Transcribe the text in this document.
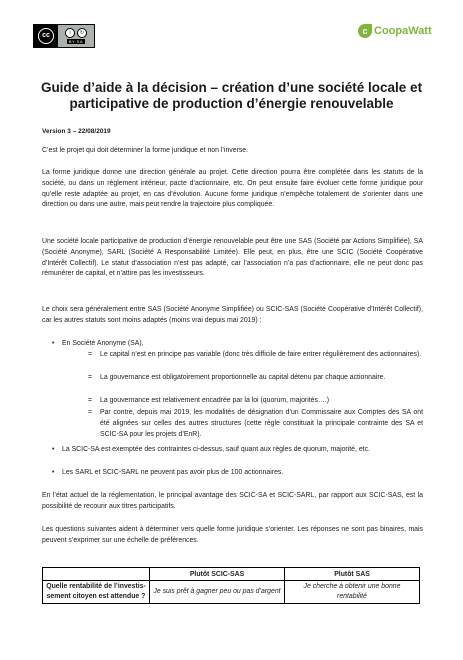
cc	i	↻
BY SA
c CoopaWatt
Guide d’aide à la décision – création d’une société locale et participative de production d’énergie renouvelable
Version 3 – 22/08/2019
C’est le projet qui doit déterminer la forme juridique et non l’inverse.
La forme juridique donne une direction générale au projet. Cette direction pourra être complétée dans les statuts de la société, ou dans un règlement intérieur, pacte d’actionnaire, etc. On peut ensuite faire évoluer cette forme juridique pour qu’elle reste adaptée au projet, en cas d’évolution. Aucune forme juridique n’empêche totalement de s’orienter dans une direction ou dans une autre, mais peut rendre la trajectoire plus compliquée.
Une société locale participative de production d’énergie renouvelable peut être une SAS (Société par Actions Simplifiée), SA (Société Anonyme), SARL (Société A Responsabilité Limitée). Elle peut, en plus, être une SCIC (Société Coopérative d’Intérêt Collectif). Le statut d’association n’est pas adapté, car l’association n’a pas d’actionnaire, elle ne peut donc pas rémunérer de capital, et n’attire pas les investisseurs.
Le choix sera généralement entre SAS (Société Anonyme Simplifiée) ou SCIC-SAS (Société Coopérative d’Intérêt Collectif), car les autres statuts sont moins adaptés (moins vrai depuis mai 2019) :
• En Société Anonyme (SA),
= Le capital n’est en principe pas variable (donc très difficile de faire entrer régulièrement des actionnaires).
= La gouvernance est obligatoirement proportionnelle au capital détenu par chaque actionnaire.
= La gouvernance est relativement encadrée par la loi (quorum, majorités….)
= Par contre, depuis mai 2019, les modalités de désignation d’un Commissaire aux Comptes des SA ont été alignées sur celles des autres structures (cette règle constituait la principale contrainte des SA et SCIC-SA pour les projets d’EnR).
• La SCIC-SA est exemptée des contraintes ci-dessus, sauf quant aux règles de quorum, majorité, etc.
• Les SARL et SCIC-SARL ne peuvent pas avoir plus de 100 actionnaires.
En l’état actuel de la réglementation, le principal avantage des SCIC-SA et SCIC-SARL, par rapport aux SCIC-SAS, est la possibilité de recourir aux titres participatifs.
Les questions suivantes aident à déterminer vers quelle forme juridique s’orienter. Les réponses ne sont pas binaires, mais peuvent s’exprimer sur une échelle de préférences.
	Plutôt SCIC-SAS	Plutôt SAS
Quelle rentabilité de l’investis-sement citoyen est attendue ?	Je suis prêt à gagner peu ou pas d’argent	Je cherche à obtenir une bonne rentabilité
